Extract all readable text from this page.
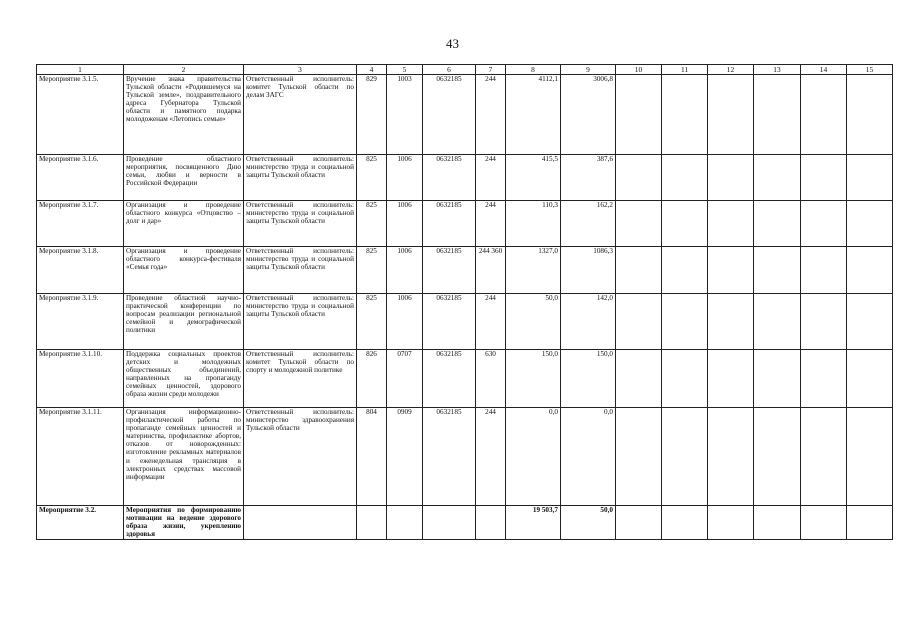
43
1	2	3	4	5	6	7	8	9	10	11	12	13	14	15
Мероприятие 3.1.5.	Вручение знака правительства Тульской области «Родившемуся на Тульской земле», поздравительного адреса Губернатора Тульской области и памятного подарка молодоженам «Летопись семьи»	Ответственный исполнитель: комитет Тульской области по делам ЗАГС	829	1003	0632185	244	4112,1	3006,8						
Мероприятие 3.1.6.	Проведение областного мероприятия, посвященного Дню семьи, любви и верности в Российской Федерации	Ответственный исполнитель: министерство труда и социальной защиты Тульской области	825	1006	0632185	244	415,5	387,6						
Мероприятие 3.1.7.	Организация и проведение областного конкурса «Отцовство – долг и дар»	Ответственный исполнитель: министерство труда и социальной защиты Тульской области	825	1006	0632185	244	110,3	162,2						
Мероприятие 3.1.8.	Организация и проведение областного конкурса-фестиваля «Семья года»	Ответственный исполнитель: министерство труда и социальной защиты Тульской области	825	1006	0632185	244 360	1327,0	1086,3						
Мероприятие 3.1.9.	Проведение областной научно-практической конференции по вопросам реализации региональной семейной и демографической политики	Ответственный исполнитель: министерство труда и социальной защиты Тульской области	825	1006	0632185	244	50,0	142,0						
Мероприятие 3.1.10.	Поддержка социальных проектов детских и молодежных общественных объединений, направленных на пропаганду семейных ценностей, здорового образа жизни среди молодежи	Ответственный исполнитель: комитет Тульской области по спорту и молодежной политике	826	0707	0632185	630	150,0	150,0						
Мероприятие 3.1.11.	Организация информационно-профилактической работы по пропаганде семейных ценностей и материнства, профилактике абортов, отказов от новорожденных: изготовление рекламных материалов и еженедельная трансляция в электронных средствах массовой информации	Ответственный исполнитель: министерство здравоохранения Тульской области	804	0909	0632185	244	0,0	0,0						
Мероприятие 3.2.	Мероприятия по формированию мотивации на ведение здорового образа жизни, укреплению здоровья						19 503,7	50,0						
